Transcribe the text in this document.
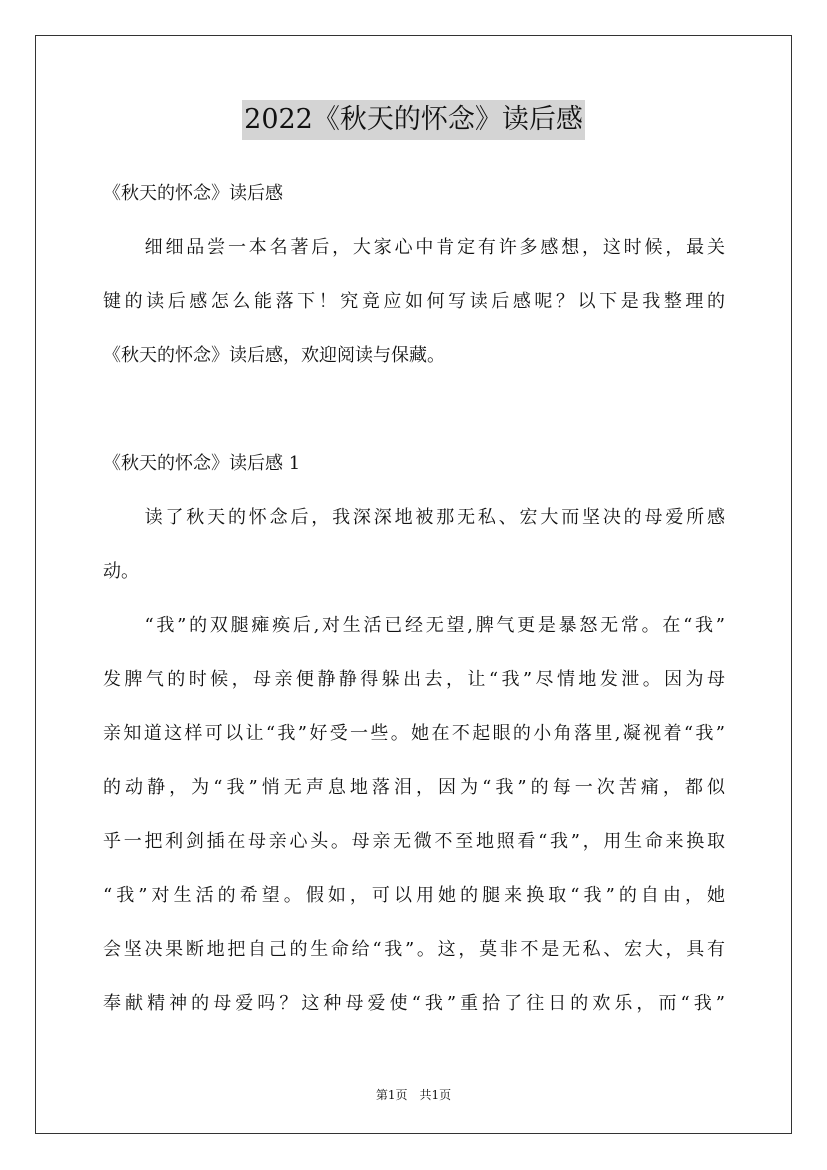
2022《秋天的怀念》读后感
《秋天的怀念》读后感
　　细细品尝一本名著后，大家心中肯定有许多感想，这时候，最关
键的读后感怎么能落下！究竟应如何写读后感呢？以下是我整理的
《秋天的怀念》读后感，欢迎阅读与保藏。
《秋天的怀念》读后感 1
　　读了秋天的怀念后，我深深地被那无私、宏大而坚决的母爱所感
动。
　　“我”的双腿瘫痪后,对生活已经无望,脾气更是暴怒无常。在“我”
发脾气的时候，母亲便静静得躲出去，让“我”尽情地发泄。因为母
亲知道这样可以让“我”好受一些。她在不起眼的小角落里,凝视着“我”
的动静，为“我”悄无声息地落泪，因为“我”的每一次苦痛，都似
乎一把利剑插在母亲心头。母亲无微不至地照看“我”，用生命来换取
“我”对生活的希望。假如，可以用她的腿来换取“我”的自由，她
会坚决果断地把自己的生命给“我”。这，莫非不是无私、宏大，具有
奉献精神的母爱吗？这种母爱使“我”重拾了往日的欢乐，而“我”
第1页　共1页
